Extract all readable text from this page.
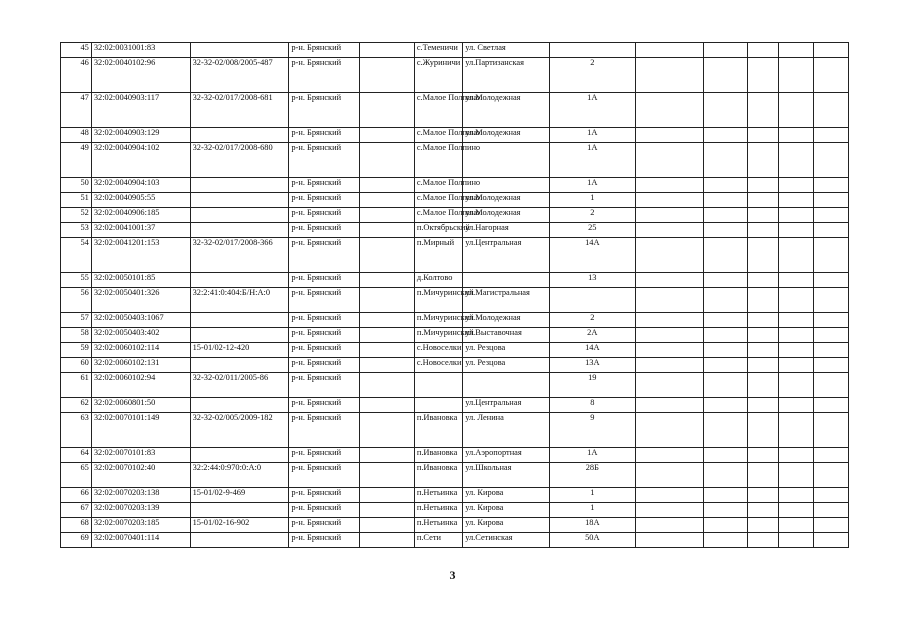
45	32:02:0031001:83		р-н. Брянский		с.Теменичи	ул. Светлая						
46	32:02:0040102:96	32-32-02/008/2005-487	р-н. Брянский		с.Журиничи	ул.Партизанская	2					
47	32:02:0040903:117	32-32-02/017/2008-681	р-н. Брянский		с.Малое Полпино	ул.Молодежная	1А					
48	32:02:0040903:129		р-н. Брянский		с.Малое Полпино	ул.Молодежная	1А					
49	32:02:0040904:102	32-32-02/017/2008-680	р-н. Брянский		с.Малое Полпино		1А					
50	32:02:0040904:103		р-н. Брянский		с.Малое Полпино		1А					
51	32:02:0040905:55		р-н. Брянский		с.Малое Полпино	ул.Молодежная	1					
52	32:02:0040906:185		р-н. Брянский		с.Малое Полпино	ул.Молодежная	2					
53	32:02:0041001:37		р-н. Брянский		п.Октябрьский	ул.Нагорная	25					
54	32:02:0041201:153	32-32-02/017/2008-366	р-н. Брянский		п.Мирный	ул.Центральная	14А					
55	32:02:0050101:85		р-н. Брянский		д.Колтово		13					
56	32:02:0050401:326	32:2:41:0:404:Б/Н:А:0	р-н. Брянский		п.Мичуринский	ул.Магистральная						
57	32:02:0050403:1067		р-н. Брянский		п.Мичуринский	ул.Молодежная	2					
58	32:02:0050403:402		р-н. Брянский		п.Мичуринский	ул.Выставочная	2А					
59	32:02:0060102:114	15-01/02-12-420	р-н. Брянский		с.Новоселки	ул. Резцова	14А					
60	32:02:0060102:131		р-н. Брянский		с.Новоселки	ул. Резцова	13А					
61	32:02:0060102:94	32-32-02/011/2005-86	р-н. Брянский				19					
62	32:02:0060801:50		р-н. Брянский			ул.Центральная	8					
63	32:02:0070101:149	32-32-02/005/2009-182	р-н. Брянский		п.Ивановка	ул. Ленина	9					
64	32:02:0070101:83		р-н. Брянский		п.Ивановка	ул.Аэропортная	1А					
65	32:02:0070102:40	32:2:44:0:970:0:А:0	р-н. Брянский		п.Ивановка	ул.Школьная	28Б					
66	32:02:0070203:138	15-01/02-9-469	р-н. Брянский		п.Нетьинка	ул. Кирова	1					
67	32:02:0070203:139		р-н. Брянский		п.Нетьинка	ул. Кирова	1					
68	32:02:0070203:185	15-01/02-16-902	р-н. Брянский		п.Нетьинка	ул. Кирова	18А					
69	32:02:0070401:114		р-н. Брянский		п.Сети	ул.Сетинская	50А					
3
